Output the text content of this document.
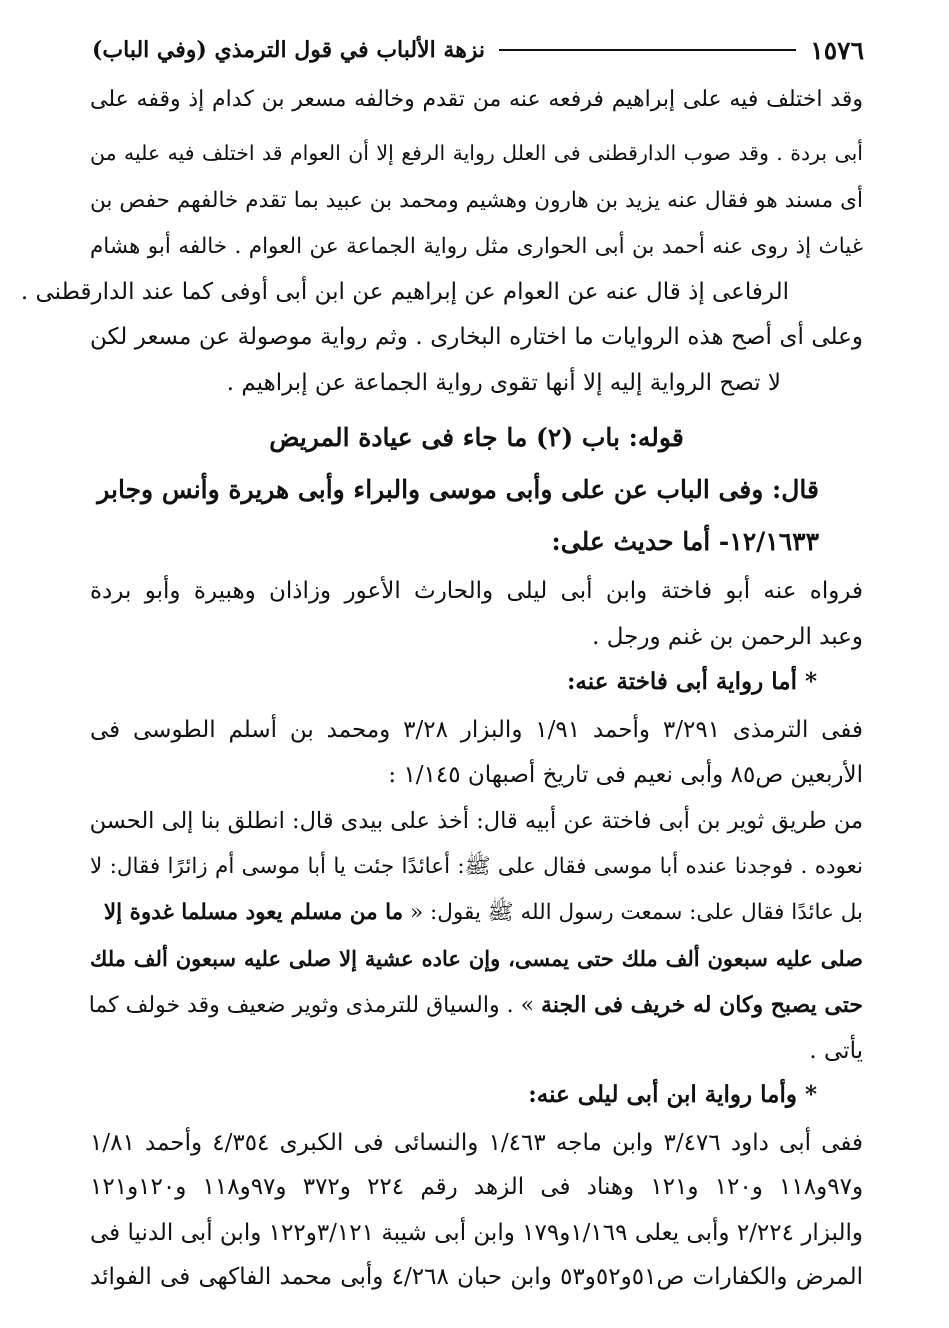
١٥٧٦
نزهة الألباب في قول الترمذي (وفي الباب)
وقد اختلف فيه على إبراهيم فرفعه عنه من تقدم وخالفه مسعر بن كدام إذ وقفه على
أبى بردة . وقد صوب الدارقطنى فى العلل رواية الرفع إلا أن العوام قد اختلف فيه عليه من
أى مسند هو فقال عنه يزيد بن هارون وهشيم ومحمد بن عبيد بما تقدم خالفهم حفص بن
غياث إذ روى عنه أحمد بن أبى الحوارى مثل رواية الجماعة عن العوام . خالفه أبو هشام
الرفاعى إذ قال عنه عن العوام عن إبراهيم عن ابن أبى أوفى كما عند الدارقطنى .
وعلى أى أصح هذه الروايات ما اختاره البخارى . وثم رواية موصولة عن مسعر لكن
لا تصح الرواية إليه إلا أنها تقوى رواية الجماعة عن إبراهيم .
قوله: باب (٢) ما جاء فى عيادة المريض
قال: وفى الباب عن على وأبى موسى والبراء وأبى هريرة وأنس وجابر
١٢/١٦٣٣- أما حديث على:
فرواه عنه أبو فاختة وابن أبى ليلى والحارث الأعور وزاذان وهبيرة وأبو بردة
وعبد الرحمن بن غنم ورجل .
* أما رواية أبى فاختة عنه:
ففى الترمذى ٣/٢٩١ وأحمد ١/٩١ والبزار ٣/٢٨ ومحمد بن أسلم الطوسى فى
الأربعين ص٨٥ وأبى نعيم فى تاريخ أصبهان ١/١٤٥ :
من طريق ثوير بن أبى فاختة عن أبيه قال: أخذ على بيدى قال: انطلق بنا إلى الحسن
نعوده . فوجدنا عنده أبا موسى فقال على ﷺ: أعائدًا جئت يا أبا موسى أم زائرًا فقال: لا
بل عائدًا فقال على: سمعت رسول الله ﷺ يقول: « ما من مسلم يعود مسلما غدوة إلا
صلى عليه سبعون ألف ملك حتى يمسى، وإن عاده عشية إلا صلى عليه سبعون ألف ملك
حتى يصبح وكان له خريف فى الجنة » . والسياق للترمذى وثوير ضعيف وقد خولف كما
يأتى .
* وأما رواية ابن أبى ليلى عنه:
ففى أبى داود ٣/٤٧٦ وابن ماجه ١/٤٦٣ والنسائى فى الكبرى ٤/٣٥٤ وأحمد ١/٨١
و٩٧و١١٨ و١٢٠ و١٢١ وهناد فى الزهد رقم ٢٢٤ و٣٧٢ و٩٧و١١٨ و١٢٠و١٢١
والبزار ٢/٢٢٤ وأبى يعلى ١/١٦٩و١٧٩ وابن أبى شيبة ٣/١٢١و١٢٢ وابن أبى الدنيا فى
المرض والكفارات ص٥١و٥٢و٥٣ وابن حبان ٤/٢٦٨ وأبى محمد الفاكهى فى الفوائد
